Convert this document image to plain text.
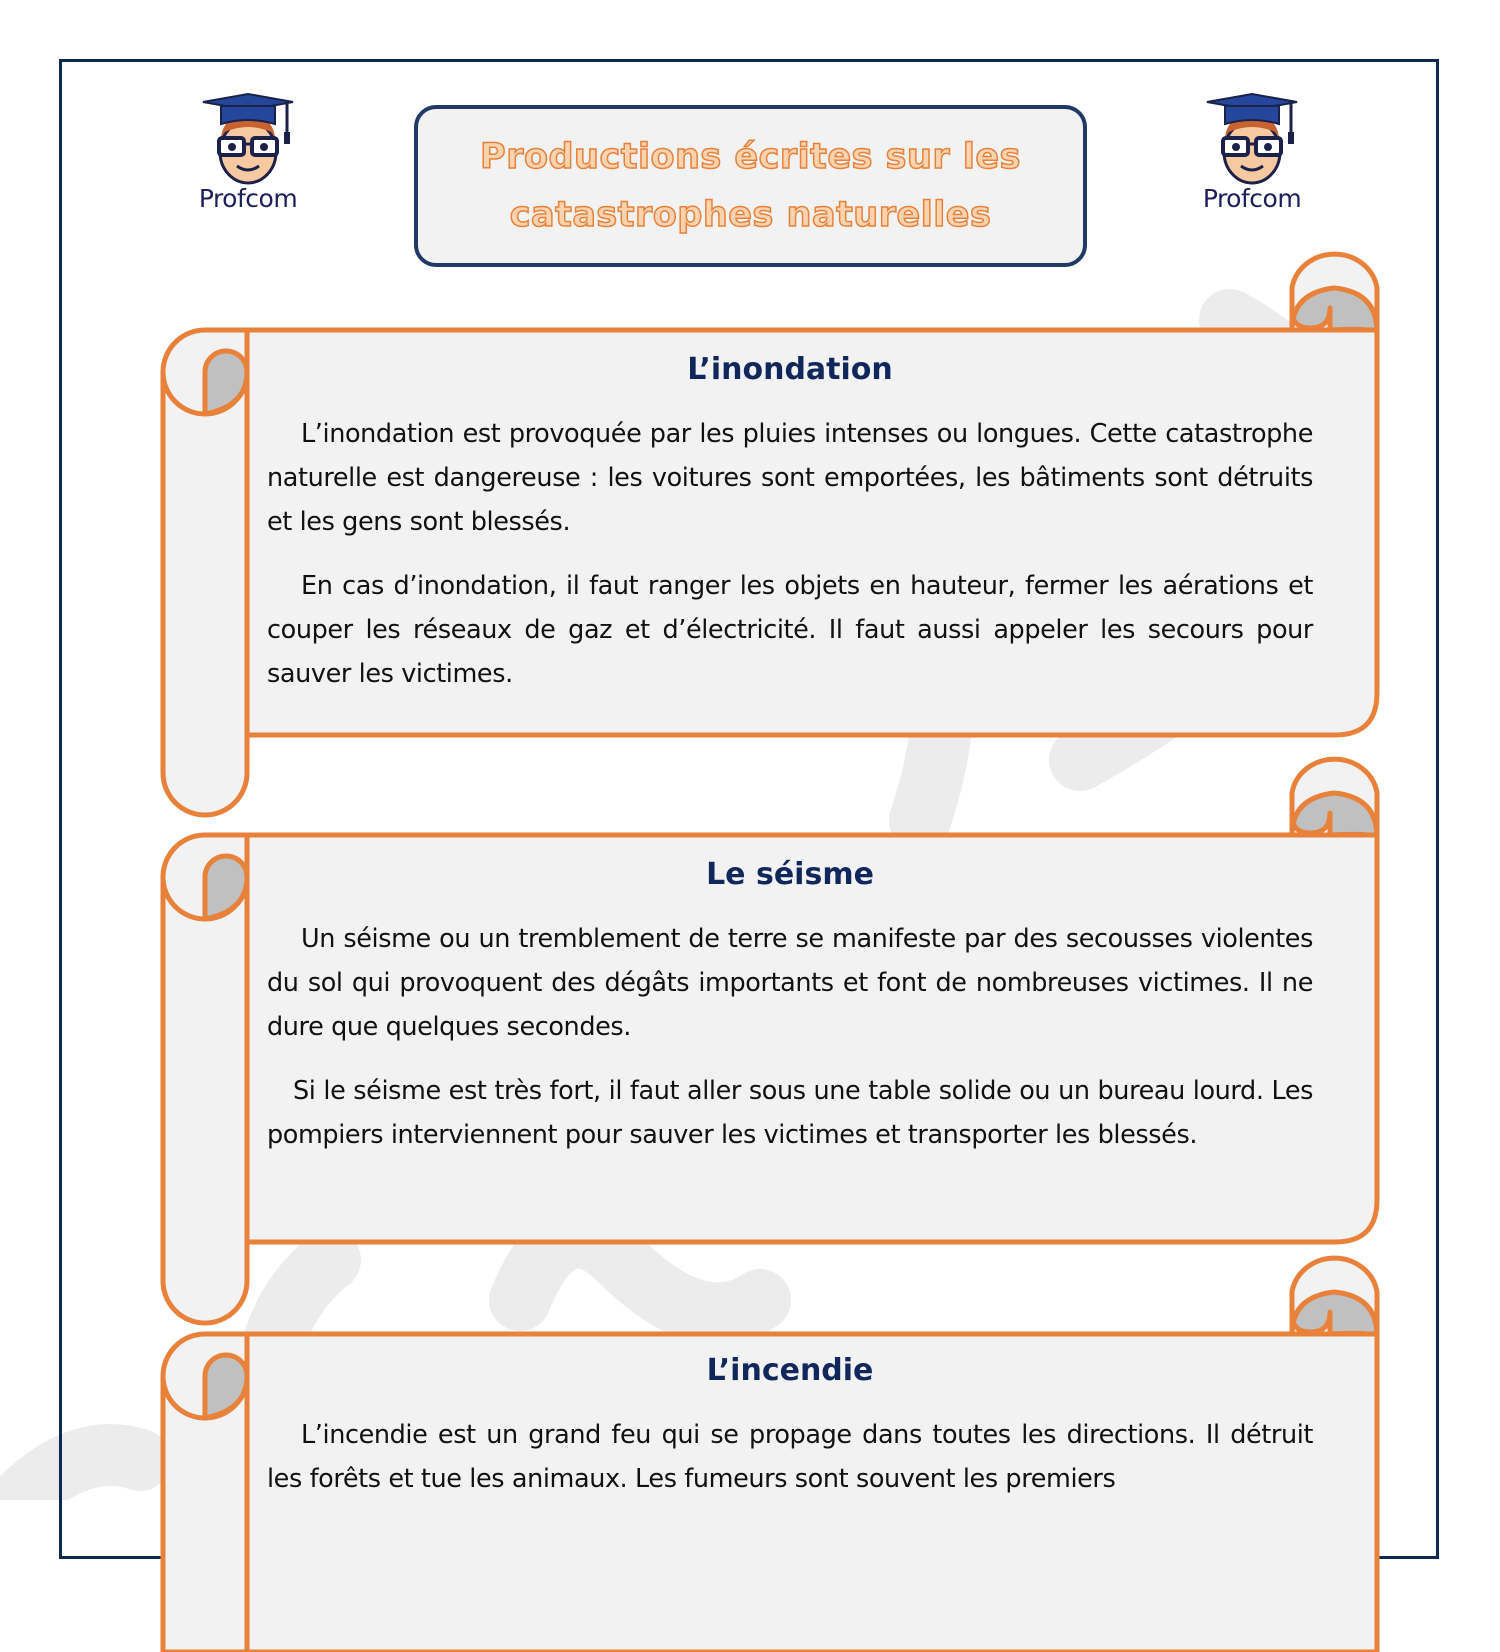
Profcom	Profcom
Productions écrites sur les
catastrophes naturelles
L’inondation

L’inondation est provoquée par les pluies intenses ou longues. Cette catastrophe naturelle est dangereuse : les voitures sont emportées, les bâtiments sont détruits et les gens sont blessés.

En cas d’inondation, il faut ranger les objets en hauteur, fermer les aérations et couper les réseaux de gaz et d’électricité. Il faut aussi appeler les secours pour sauver les victimes.

Le séisme

Un séisme ou un tremblement de terre se manifeste par des secousses violentes du sol qui provoquent des dégâts importants et font de nombreuses victimes. Il ne dure que quelques secondes.

Si le séisme est très fort, il faut aller sous une table solide ou un bureau lourd. Les pompiers interviennent pour sauver les victimes et transporter les blessés.

L’incendie

L’incendie est un grand feu qui se propage dans toutes les directions. Il détruit les forêts et tue les animaux. Les fumeurs sont souvent les premiers
